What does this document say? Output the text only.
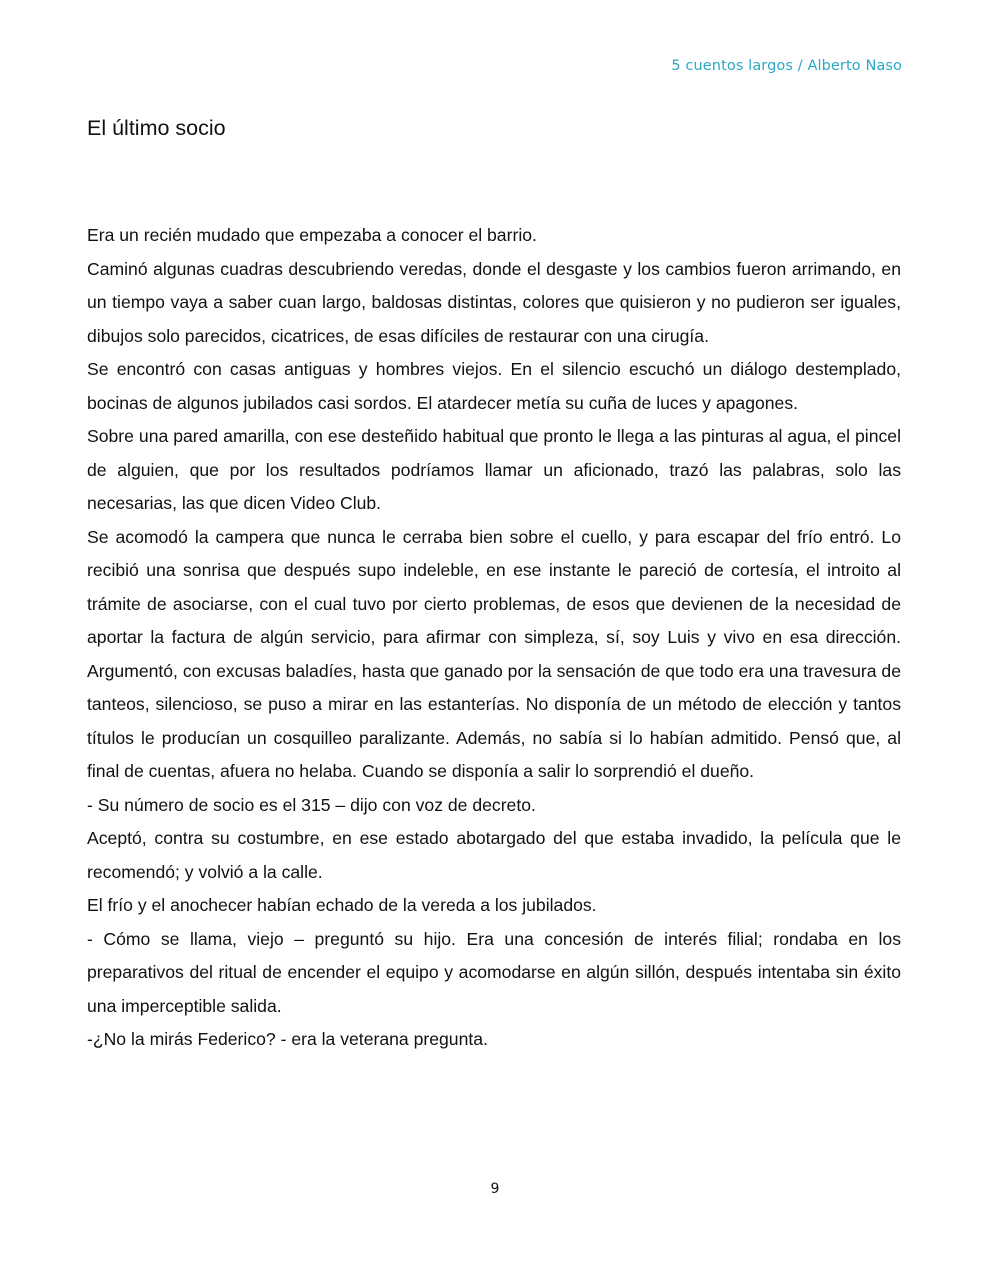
5 cuentos largos / Alberto Naso
El último socio

Era un recién mudado que empezaba a conocer el barrio.

Caminó algunas cuadras descubriendo veredas, donde el desgaste y los cambios fueron arrimando, en un tiempo vaya a saber cuan largo, baldosas distintas, colores que quisieron y no pudieron ser iguales, dibujos solo parecidos, cicatrices, de esas difíciles de restaurar con una cirugía.

Se encontró con casas antiguas y hombres viejos. En el silencio escuchó un diálogo destemplado, bocinas de algunos jubilados casi sordos. El atardecer metía su cuña de luces y apagones.

Sobre una pared amarilla, con ese desteñido habitual que pronto le llega a las pinturas al agua, el pincel de alguien, que por los resultados podríamos llamar un aficionado, trazó las palabras, solo las necesarias, las que dicen Video Club.

Se acomodó la campera que nunca le cerraba bien sobre el cuello, y para escapar del frío entró. Lo recibió una sonrisa que después supo indeleble, en ese instante le pareció de cortesía, el introito al trámite de asociarse, con el cual tuvo por cierto problemas, de esos que devienen de la necesidad de aportar la factura de algún servicio, para afirmar con simpleza, sí, soy Luis y vivo en esa dirección. Argumentó, con excusas baladíes, hasta que ganado por la sensación de que todo era una travesura de tanteos, silencioso, se puso a mirar en las estanterías. No disponía de un método de elección y tantos títulos le producían un cosquilleo paralizante. Además, no sabía si lo habían admitido. Pensó que, al final de cuentas, afuera no helaba. Cuando se disponía a salir lo sorprendió el dueño.

- Su número de socio es el 315 – dijo con voz de decreto.

Aceptó, contra su costumbre, en ese estado abotargado del que estaba invadido, la película que le recomendó; y volvió a la calle.

El frío y el anochecer habían echado de la vereda a los jubilados.

- Cómo se llama, viejo – preguntó su hijo. Era una concesión de interés filial; rondaba en los preparativos del ritual de encender el equipo y acomodarse en algún sillón, después intentaba sin éxito una imperceptible salida.

-¿No la mirás Federico? - era la veterana pregunta.

9
